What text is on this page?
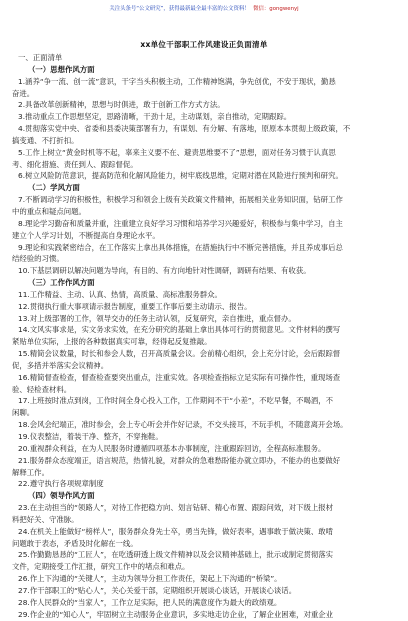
关注头条号“公文研究”，获得最新最全最丰富的公文资料！ 微信：gongwenyj
xx单位干部职工作风建设正负面清单
一、正面清单
（一）思想作风方面
1.涵养“争一流、创一流”意识，干字当头积极主动，工作精神饱满，争先创优，不安于现状，勤恳
奋进。
2.具备改革创新精神，思想与时俱进，敢于创新工作方式方法。
3.推动重点工作思想坚定，思路清晰，干劲十足，主动谋划，亲自推动，定期跟踪。
4.贯彻落实党中央、省委和县委决策部署有力，有谋划、有分解、有落地，原原本本贯彻上级政策，不
搞变通、不打折扣。
5.工作上树立“黄金时机等不起，辜来主义要不在、避责思维要不了”思想，面对任务习惯于认真思
考、细化措施、责任到人、跟踪督促。
6.树立风险防范意识，提高防范和化解风险能力，树牢底线思维，定期对潜在风险进行预判和研究。
（二）学风方面
7.不断调动学习的积极性，积极学习和领会上级有关政策文件精神，拓展相关业务知识面，钻研工作
中的重点和疑点问题。
8.理论学习勤奋和质量并重，注重建立良好学习习惯和培养学习兴趣爱好，积极参与集中学习，自主
建立个人学习计划，不断提高自身理论水平。
9.理论和实践紧密结合，在工作落实上拿出具体措施，在措施执行中不断完善措施，并且养成事后总
结经验的习惯。
10.下基层调研以解决问题为导向，有目的、有方向地针对性调研，调研有结果、有收获。
（三）工作作风方面
11.工作精益、主动、认真、热情，高质量、高标准服务群众。
12.贯彻执行重大事项请示报告制度，重要工作事后要主动请示、报告。
13.对上级部署的工作，领导交办的任务主动认领，反复研究，亲自推进，重点督办。
14.文风实事求是，实文务求实效，在充分研究的基础上拿出具体可行的贯彻意见。文件材料的撰写
紧贴单位实际，上报的各种数据真实可靠，经得起反复推敲。
15.精简会议数量，时长和参会人数，召开高质量会议。会前精心组织，会上充分讨论，会后跟踪督
促，多措并举落实会议精神。
16.精简督查检查，督查检查要突出重点，注重实效。各项检查指标立足实际有可操作性，重现场查
验、轻检查材料。
17.上班按时准点到岗，工作时间全身心投入工作，工作期间不干“小差”，不吃早餐，不喝酒，不
闲聊。
18.会风会纪端正，准时参会，会上专心听会并作好记录，不交头接耳，不玩手机，不随意离开会场。
19.仪表整洁，着装干净、整齐，不穿拖鞋。
20.重视群众利益，在为人民服务时遵循四项基本办事制度，注重跟踪回访，全程高标准服务。
21.服务群众态度端正，语言规范，热情礼貌，对群众的急难愁盼能办就立即办，不能办的也要做好
解释工作。
22.遵守执行各项规章制度
（四）领导作风方面
23.在主动担当的“领路人”，对待工作把稳方向、划言钻研、精心布置、跟踪问效，对下级上报材
料把好关、守准脉。
24.在机关上能做好“榜样人”，服务群众身先士卒，勇当先锋，做好表率，遇事敢于做决策、敢啃
问题敢于表态，矛盾及时化解在一线。
25.作勤勤恳恳的“工匠人”，在吃透研透上级文件精神以及会议精神基础上，批示或制定贯彻落实
文件，定期接受工作汇报，研究工作中的堵点和难点。
26.作上下沟通的“关键人”，主动为领导分担工作责任，架起上下沟通的“桥梁”。
27.作干部职工的“贴心人”，关心关爱干部，定期组织开展谈心谈话，开展谈心谈话。
28.作人民群众的“当家人”，工作立足实际，把人民的满意度作为最大的政绩观。
29.作企业的“知心人”，牢固树立主动服务企业意识，多实地走访企业，了解企业困难，对重企业
